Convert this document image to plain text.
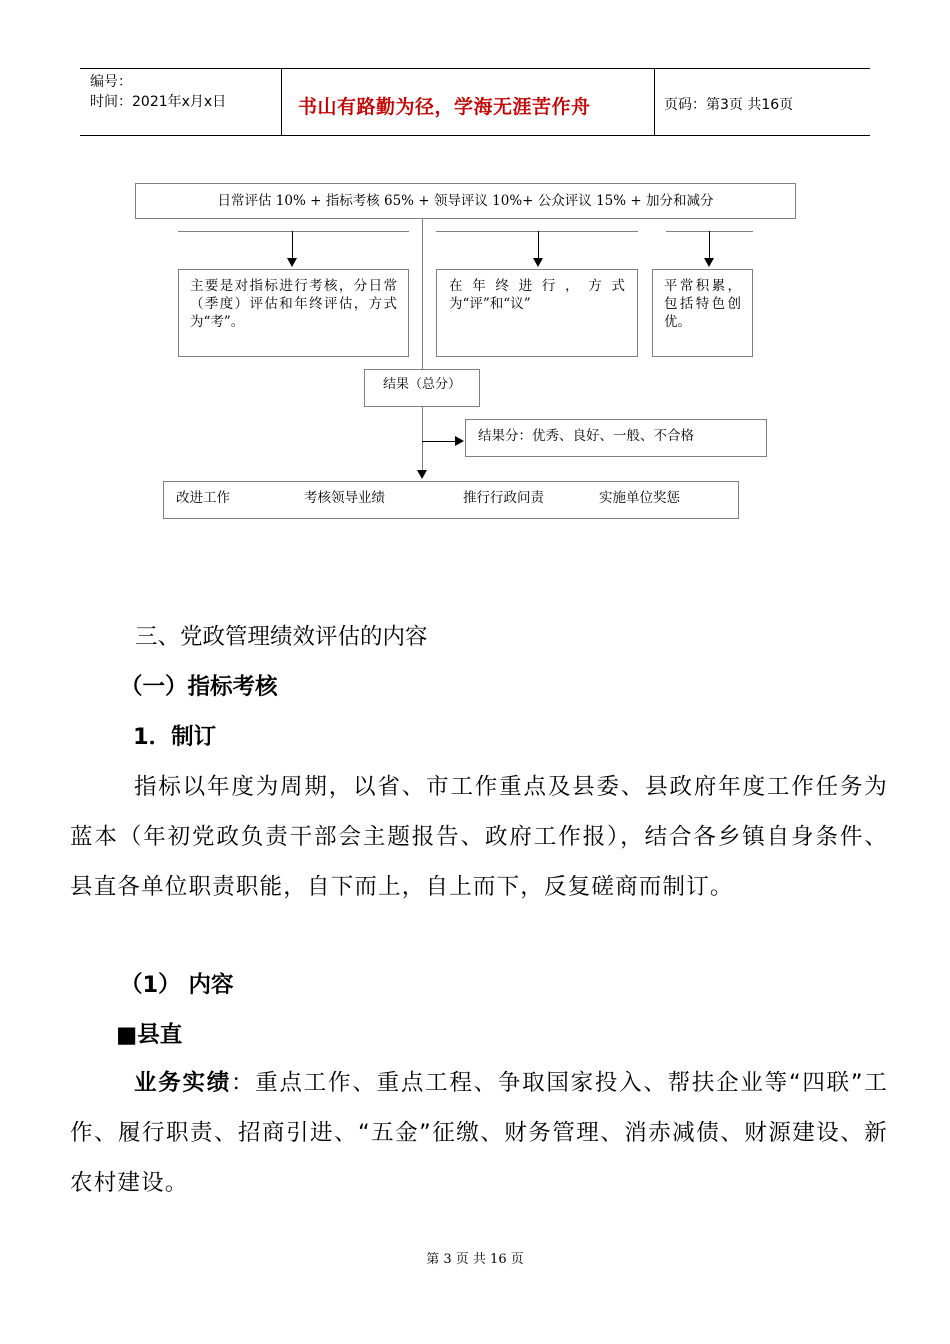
编号：
时间：2021年x月x日	书山有路勤为径，学海无涯苦作舟	页码：第3页 共16页
日常评估 10% + 指标考核 65% + 领导评议 10%+ 公众评议 15% + 加分和减分
主要是对指标进行考核，分日常（季度）评估和年终评估，方式为“考”。
在年终进行，方式为“评”和“议”
平常积累，包括特色创优。
结果（总分）
结果分：优秀、良好、一般、不合格
改进工作	考核领导业绩	推行行政问责	实施单位奖惩
三、党政管理绩效评估的内容
（一）指标考核
1．制订
指标以年度为周期，以省、市工作重点及县委、县政府年度工作任务为蓝本（年初党政负责干部会主题报告、政府工作报），结合各乡镇自身条件、县直各单位职责职能，自下而上，自上而下，反复磋商而制订。
（1） 内容
■县直
业务实绩：重点工作、重点工程、争取国家投入、帮扶企业等“四联”工作、履行职责、招商引进、“五金”征缴、财务管理、消赤减债、财源建设、新农村建设。
第 3 页 共 16 页
